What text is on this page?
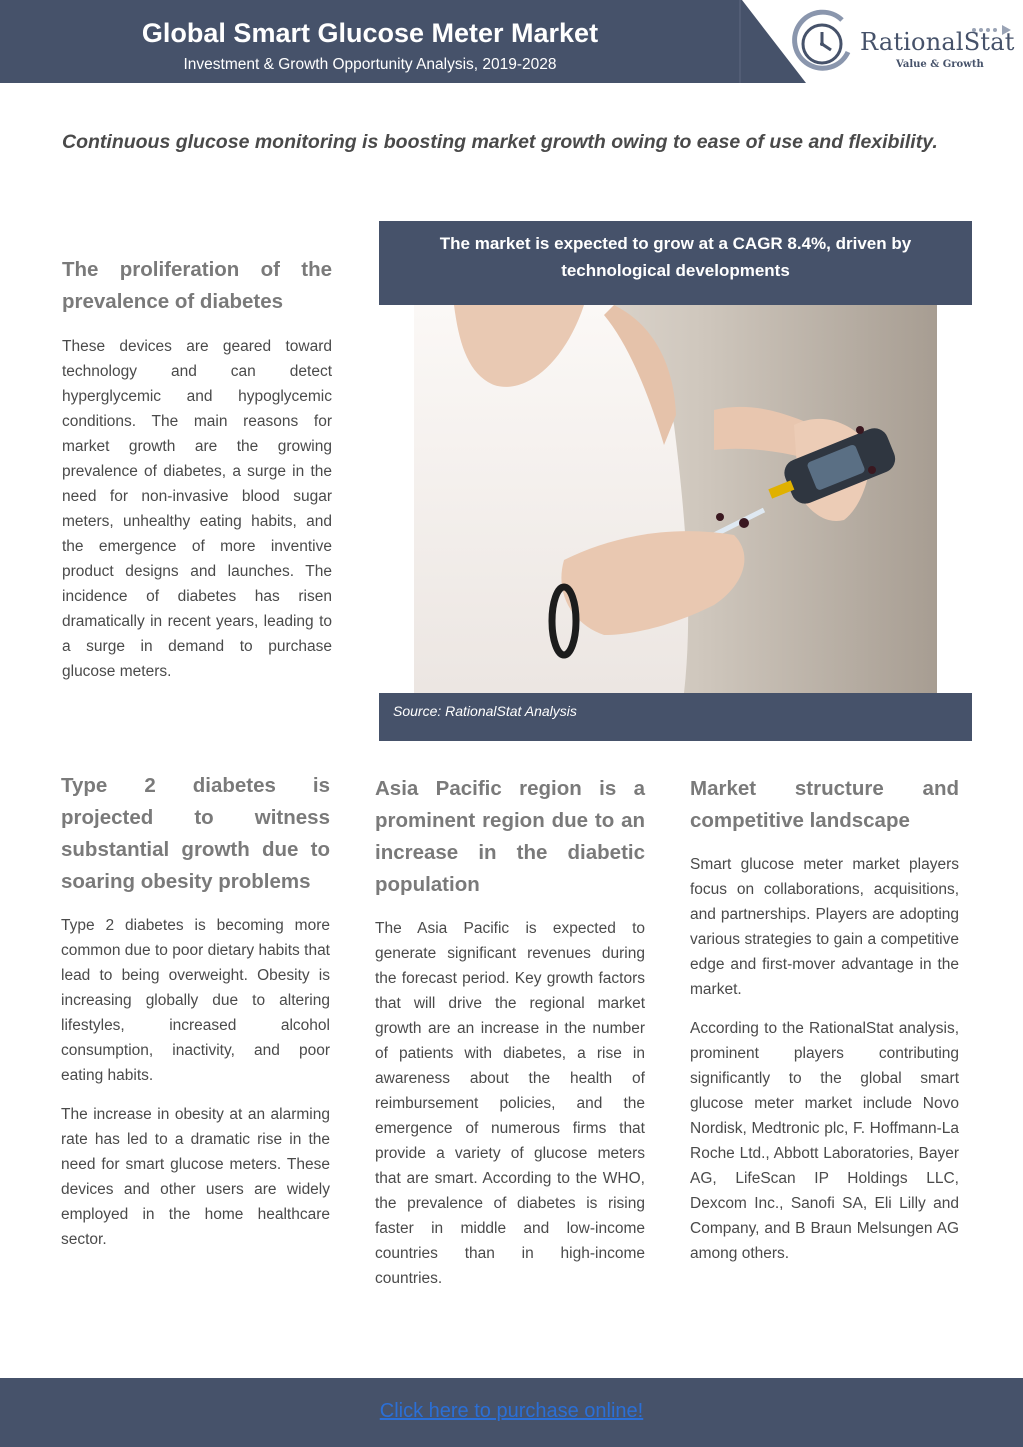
Global Smart Glucose Meter Market
Investment & Growth Opportunity Analysis, 2019-2028
RationalStat
Value & Growth
Continuous glucose monitoring is boosting market growth owing to ease of use and flexibility.
The proliferation of the prevalence of diabetes
These devices are geared toward technology and can detect hyperglycemic and hypoglycemic conditions. The main reasons for market growth are the growing prevalence of diabetes, a surge in the need for non-invasive blood sugar meters, unhealthy eating habits, and the emergence of more inventive product designs and launches. The incidence of diabetes has risen dramatically in recent years, leading to a surge in demand to purchase glucose meters.
The market is expected to grow at a CAGR 8.4%, driven by technological developments
Source: RationalStat Analysis
Type 2 diabetes is projected to witness substantial growth due to soaring obesity problems
Type 2 diabetes is becoming more common due to poor dietary habits that lead to being overweight. Obesity is increasing globally due to altering lifestyles, increased alcohol consumption, inactivity, and poor eating habits.
The increase in obesity at an alarming rate has led to a dramatic rise in the need for smart glucose meters. These devices and other users are widely employed in the home healthcare sector.
Asia Pacific region is a prominent region due to an increase in the diabetic population
The Asia Pacific is expected to generate significant revenues during the forecast period. Key growth factors that will drive the regional market growth are an increase in the number of patients with diabetes, a rise in awareness about the health of reimbursement policies, and the emergence of numerous firms that provide a variety of glucose meters that are smart. According to the WHO, the prevalence of diabetes is rising faster in middle and low-income countries than in high-income countries.
Market structure and competitive landscape
Smart glucose meter market players focus on collaborations, acquisitions, and partnerships. Players are adopting various strategies to gain a competitive edge and first-mover advantage in the market.
According to the RationalStat analysis, prominent players contributing significantly to the global smart glucose meter market include Novo Nordisk, Medtronic plc, F. Hoffmann-La Roche Ltd., Abbott Laboratories, Bayer AG, LifeScan IP Holdings LLC, Dexcom Inc., Sanofi SA, Eli Lilly and Company, and B Braun Melsungen AG among others.
Click here to purchase online!
